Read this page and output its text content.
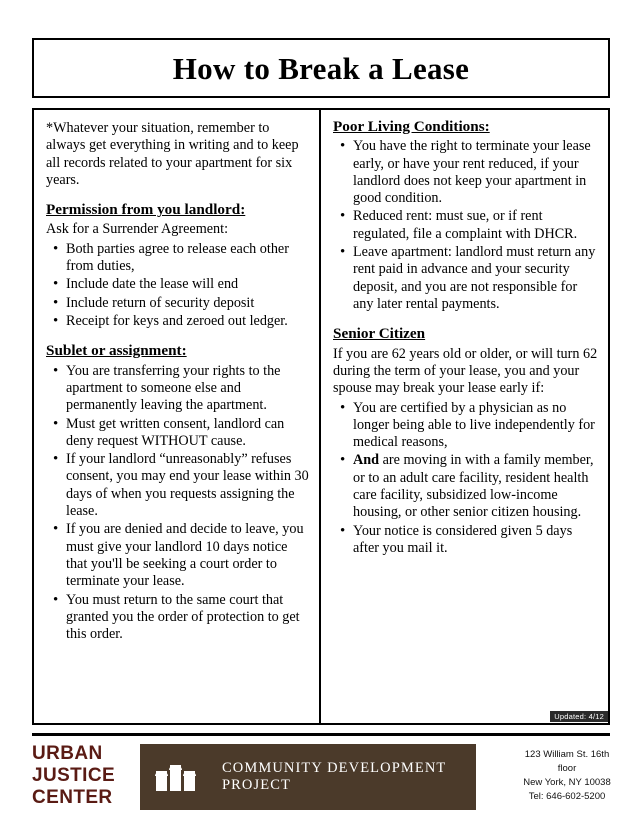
How to Break a Lease
*Whatever your situation, remember to always get everything in writing and to keep all records related to your apartment for six years.
Permission from you landlord:
Ask for a Surrender Agreement:
• Both parties agree to release each other from duties,
• Include date the lease will end
• Include return of security deposit
• Receipt for keys and zeroed out ledger.
Sublet or assignment:
• You are transferring your rights to the apartment to someone else and permanently leaving the apartment.
• Must get written consent, landlord can deny request WITHOUT cause.
• If your landlord “unreasonably” refuses consent, you may end your lease within 30 days of when you requests assigning the lease.
• If you are denied and decide to leave, you must give your landlord 10 days notice that you'll be seeking a court order to terminate your lease.
• You must return to the same court that granted you the order of protection to get this order.
Poor Living Conditions:
• You have the right to terminate your lease early, or have your rent reduced, if your landlord does not keep your apartment in good condition.
• Reduced rent: must sue, or if rent regulated, file a complaint with DHCR.
• Leave apartment: landlord must return any rent paid in advance and your security deposit, and you are not responsible for any later rental payments.
Senior Citizen
If you are 62 years old or older, or will turn 62 during the term of your lease, you and your spouse may break your lease early if:
• You are certified by a physician as no longer being able to live independently for medical reasons,
• And are moving in with a family member, or to an adult care facility, resident health care facility, subsidized low-income housing, or other senior citizen housing.
• Your notice is considered given 5 days after you mail it.
Updated: 4/12
URBAN
JUSTICE
CENTER
COMMUNITY DEVELOPMENT PROJECT
123 William St. 16th
floor
New York, NY 10038
Tel: 646-602-5200
